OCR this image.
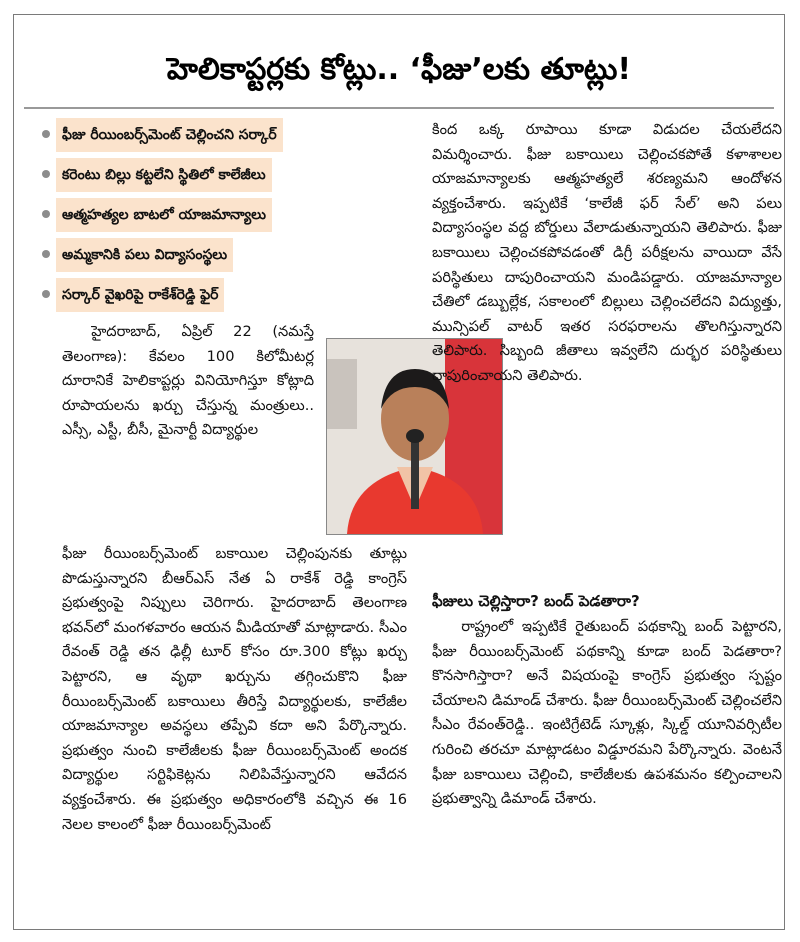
హెలికాప్టర్లకు కోట్లు.. ‘ఫీజు’లకు తూట్లు!
ఫీజు రీయింబర్స్‌మెంట్ చెల్లించని సర్కార్
కరెంటు బిల్లు కట్టలేని స్థితిలో కాలేజీలు
ఆత్మహత్యల బాటలో యాజమాన్యాలు
అమ్మకానికి పలు విద్యాసంస్థలు
సర్కార్ వైఖరిపై రాకేశ్‌రెడ్డి ఫైర్

హైదరాబాద్, ఏప్రిల్ 22 (నమస్తే తెలంగాణ): కేవలం 100 కిలోమీటర్ల దూరానికే హెలికాప్టర్లు వినియోగిస్తూ కోట్లాది రూపాయలను ఖర్చు చేస్తున్న మంత్రులు.. ఎస్సీ, ఎస్టీ, బీసీ, మైనార్టీ విద్యార్థుల

ఫీజు రీయింబర్స్‌మెంట్ బకాయిల చెల్లింపునకు తూట్లు పొడుస్తున్నారని బీఆర్‌ఎస్ నేత ఏ రాకేశ్ రెడ్డి కాంగ్రెస్ ప్రభుత్వంపై నిప్పులు చెరిగారు. హైదరాబాద్ తెలంగాణ భవన్‌లో మంగళవారం ఆయన మీడియాతో మాట్లాడారు. సీఎం రేవంత్ రెడ్డి తన ఢిల్లీ టూర్ కోసం రూ.300 కోట్లు ఖర్చు పెట్టారని, ఆ వృథా ఖర్చును తగ్గించుకొని ఫీజు రీయింబర్స్‌మెంట్ బకాయిలు తీరిస్తే విద్యార్థులకు, కాలేజీల యాజమాన్యాల అవస్థలు తప్పేవి కదా అని పేర్కొన్నారు. ప్రభుత్వం నుంచి కాలేజీలకు ఫీజు రీయింబర్స్‌మెంట్ అందక విద్యార్థుల సర్టిఫికెట్లను నిలిపివేస్తున్నారని ఆవేదన వ్యక్తంచేశారు. ఈ ప్రభుత్వం అధికారంలోకి వచ్చిన ఈ 16 నెలల కాలంలో ఫీజు రీయింబర్స్‌మెంట్

కింద ఒక్క రూపాయి కూడా విడుదల చేయలేదని విమర్శించారు. ఫీజు బకాయిలు చెల్లించకపోతే కళాశాలల యాజమాన్యాలకు ఆత్మహత్యలే శరణ్యమని ఆందోళన వ్యక్తంచేశారు. ఇప్పటికే ‘కాలేజీ ఫర్ సేల్’ అని పలు విద్యాసంస్థల వద్ద బోర్డులు వేలాడుతున్నాయని తెలిపారు. ఫీజు బకాయిలు చెల్లించకపోవడంతో డిగ్రీ పరీక్షలను వాయిదా వేసే పరిస్థితులు దాపురించాయని మండిపడ్డారు. యాజమాన్యాల చేతిలో డబ్బుల్లేక, సకాలంలో బిల్లులు చెల్లించలేదని విద్యుత్తు, మున్సిపల్ వాటర్ ఇతర సరఫరాలను తొలగిస్తున్నారని తెలిపారు. సిబ్బంది జీతాలు ఇవ్వలేని దుర్భర పరిస్థితులు దాపురించాయని తెలిపారు.

ఫీజులు చెల్లిస్తారా? బంద్ పెడతారా?

రాష్ట్రంలో ఇప్పటికే రైతుబంద్ పథకాన్ని బంద్ పెట్టారని, ఫీజు రీయింబర్స్‌మెంట్ పథకాన్ని కూడా బంద్ పెడతారా? కొనసాగిస్తారా? అనే విషయంపై కాంగ్రెస్ ప్రభుత్వం స్పష్టం చేయాలని డిమాండ్ చేశారు. ఫీజు రీయింబర్స్‌మెంట్ చెల్లించలేని సీఎం రేవంత్‌రెడ్డి.. ఇంటిగ్రేటెడ్ స్కూళ్లు, స్కిల్డ్ యూనివర్సిటీల గురించి తరచూ మాట్లాడటం విడ్డూరమని పేర్కొన్నారు. వెంటనే ఫీజు బకాయిలు చెల్లించి, కాలేజీలకు ఉపశమనం కల్పించాలని ప్రభుత్వాన్ని డిమాండ్ చేశారు.
